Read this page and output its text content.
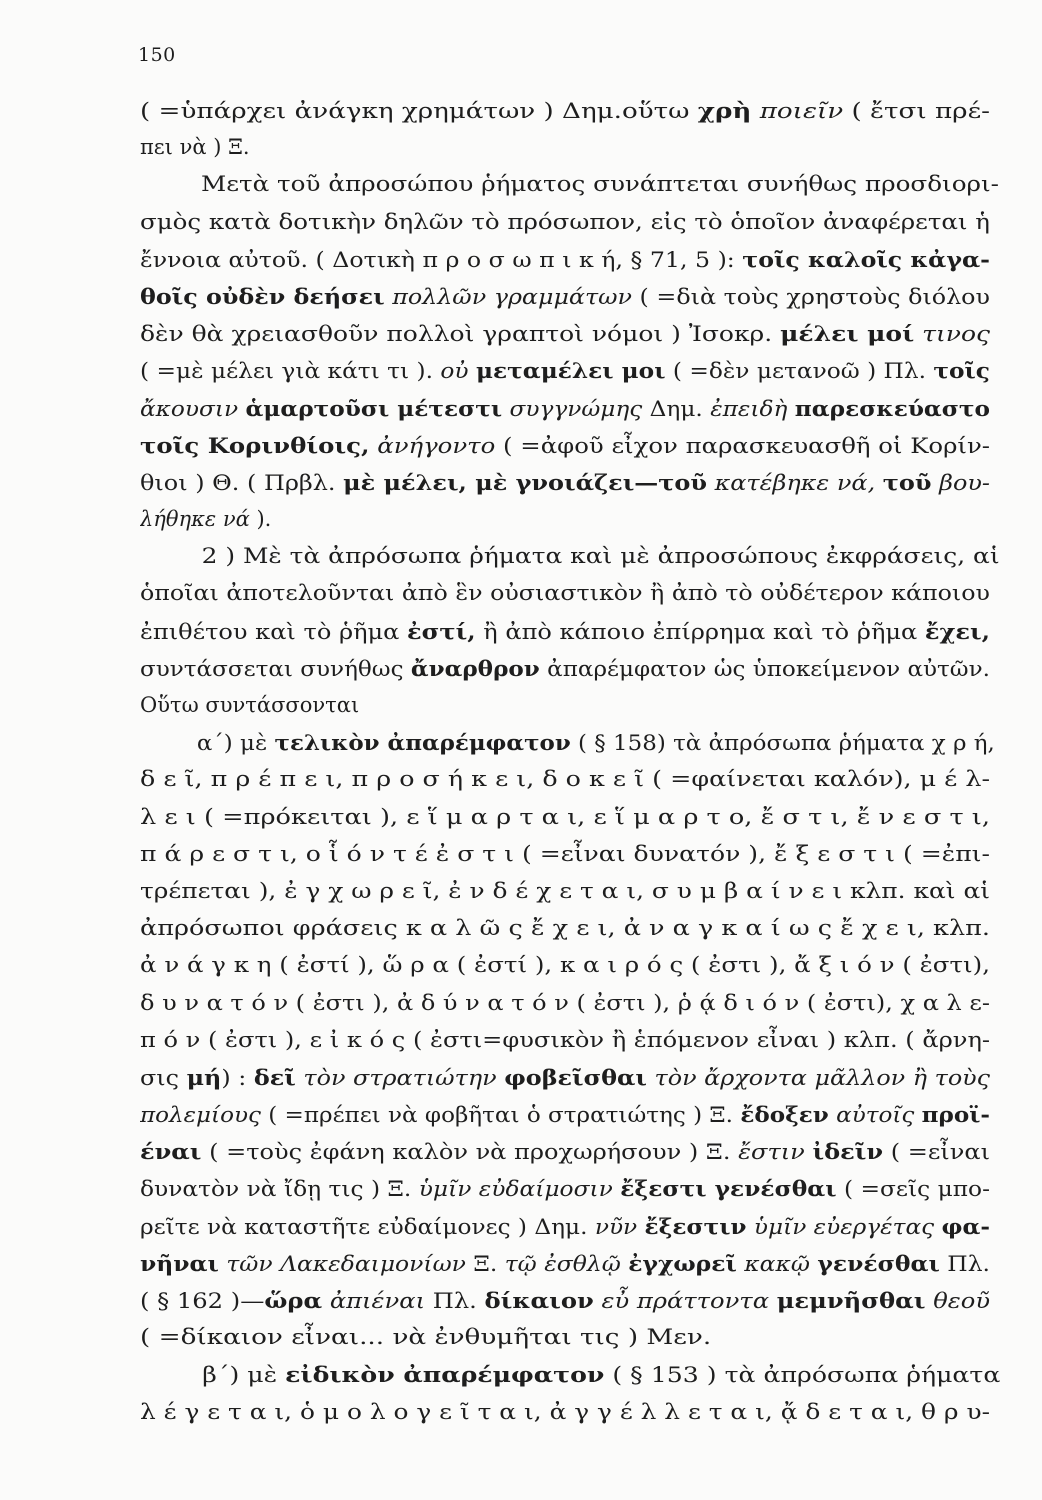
150
( =ὑπάρχει ἀνάγκη χρημάτων ) Δημ.οὕτω χρὴ ποιεῖν ( ἔτσι πρέ-
πει νὰ ) Ξ.
Μετὰ τοῦ ἀπροσώπου ῥήματος συνάπτεται συνήθως προσδιορι-
σμὸς κατὰ δοτικὴν δηλῶν τὸ πρόσωπον, εἰς τὸ ὁποῖον ἀναφέρεται ἡ
ἔννοια αὐτοῦ. ( Δοτικὴ π ρ ο σ ω π ι κ ή, § 71, 5 ): τοῖς καλοῖς κἀγα-
θοῖς οὐδὲν δεήσει πολλῶν γραμμάτων ( =διὰ τοὺς χρηστοὺς διόλου
δὲν θὰ χρειασθοῦν πολλοὶ γραπτοὶ νόμοι ) Ἰσοκρ. μέλει μοί τινος
( =μὲ μέλει γιὰ κάτι τι ). οὐ μεταμέλει μοι ( =δὲν μετανοῶ ) Πλ. τοῖς
ἄκουσιν ἁμαρτοῦσι μέτεστι συγγνώμης Δημ. ἐπειδὴ παρεσκεύαστο
τοῖς Κορινθίοις, ἀνήγοντο ( =ἀφοῦ εἶχον παρασκευασθῆ οἱ Κορίν-
θιοι ) Θ. ( Πρβλ. μὲ μέλει, μὲ γνοιάζει—τοῦ κατέβηκε νά, τοῦ βου-
λήθηκε νά ).
2 ) Μὲ τὰ ἀπρόσωπα ῥήματα καὶ μὲ ἀπροσώπους ἐκφράσεις, αἱ
ὁποῖαι ἀποτελοῦνται ἀπὸ ἓν οὐσιαστικὸν ἢ ἀπὸ τὸ οὐδέτερον κάποιου
ἐπιθέτου καὶ τὸ ῥῆμα ἐστί, ἢ ἀπὸ κάποιο ἐπίρρημα καὶ τὸ ῥῆμα ἔχει,
συντάσσεται συνήθως ἄναρθρον ἀπαρέμφατον ὡς ὑποκείμενον αὐτῶν.
Οὕτω συντάσσονται
α΄) μὲ τελικὸν ἀπαρέμφατον ( § 158) τὰ ἀπρόσωπα ῥήματα χ ρ ή,
δ ε ῖ, π ρ έ π ε ι, π ρ ο σ ή κ ε ι, δ ο κ ε ῖ ( =φαίνεται καλόν), μ έ λ-
λ ε ι ( =πρόκειται ), ε ἵ μ α ρ τ α ι, ε ἵ μ α ρ τ ο, ἔ σ τ ι, ἔ ν ε σ τ ι,
π ά ρ ε σ τ ι, ο ἷ ό ν τ έ ἐ σ τ ι ( =εἶναι δυνατόν ), ἔ ξ ε σ τ ι ( =ἐπι-
τρέπεται ), ἐ γ χ ω ρ ε ῖ, ἐ ν δ έ χ ε τ α ι, σ υ μ β α ί ν ε ι κλπ. καὶ αἱ
ἀπρόσωποι φράσεις κ α λ ῶ ς ἔ χ ε ι, ἀ ν α γ κ α ί ω ς ἔ χ ε ι, κλπ.
ἀ ν ά γ κ η ( ἐστί ), ὥ ρ α ( ἐστί ), κ α ι ρ ό ς ( ἐστι ), ἄ ξ ι ό ν ( ἐστι),
δ υ ν α τ ό ν ( ἐστι ), ἀ δ ύ ν α τ ό ν ( ἐστι ), ῥ ᾴ δ ι ό ν ( ἐστι), χ α λ ε-
π ό ν ( ἐστι ), ε ἰ κ ό ς ( ἐστι=φυσικὸν ἢ ἑπόμενον εἶναι ) κλπ. ( ἄρνη-
σις μή) : δεῖ τὸν στρατιώτην φοβεῖσθαι τὸν ἄρχοντα μᾶλλον ἢ τοὺς
πολεμίους ( =πρέπει νὰ φοβῆται ὁ στρατιώτης ) Ξ. ἔδοξεν αὐτοῖς προϊ-
έναι ( =τοὺς ἐφάνη καλὸν νὰ προχωρήσουν ) Ξ. ἔστιν ἰδεῖν ( =εἶναι
δυνατὸν νὰ ἴδῃ τις ) Ξ. ὑμῖν εὐδαίμοσιν ἔξεστι γενέσθαι ( =σεῖς μπο-
ρεῖτε νὰ καταστῆτε εὐδαίμονες ) Δημ. νῦν ἔξεστιν ὑμῖν εὐεργέτας φα-
νῆναι τῶν Λακεδαιμονίων Ξ. τῷ ἐσθλῷ ἐγχωρεῖ κακῷ γενέσθαι Πλ.
( § 162 )—ὥρα ἀπιέναι Πλ. δίκαιον εὖ πράττοντα μεμνῆσθαι θεοῦ
( =δίκαιον εἶναι... νὰ ἐνθυμῆται τις ) Μεν.
β΄) μὲ εἰδικὸν ἀπαρέμφατον ( § 153 ) τὰ ἀπρόσωπα ῥήματα
λ έ γ ε τ α ι, ὁ μ ο λ ο γ ε ῖ τ α ι, ἀ γ γ έ λ λ ε τ α ι, ᾄ δ ε τ α ι, θ ρ υ-
